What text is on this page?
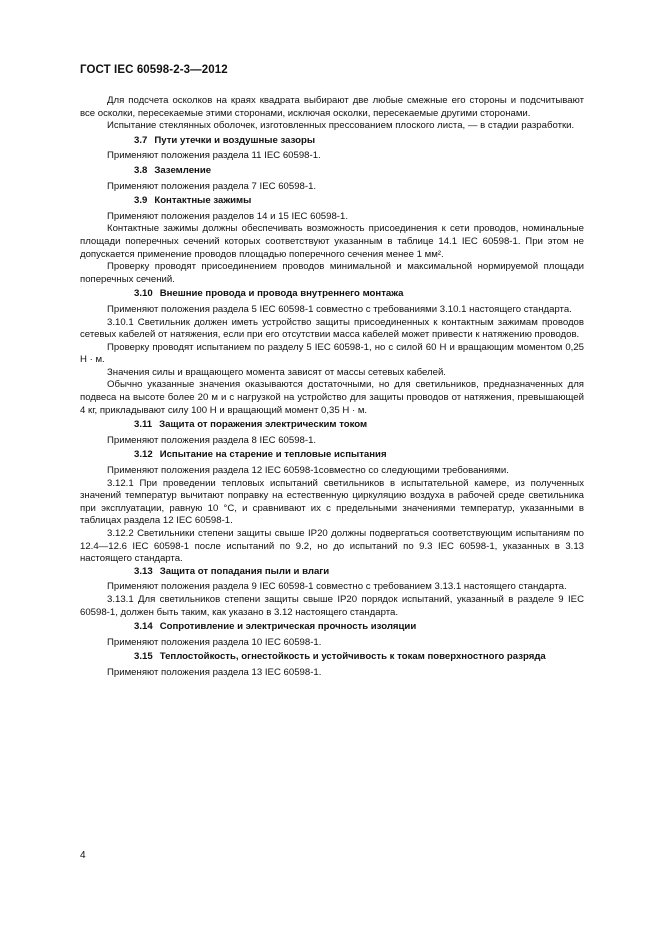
ГОСТ IEC 60598-2-3—2012

Для подсчета осколков на краях квадрата выбирают две любые смежные его стороны и подсчитывают все осколки, пересекаемые этими сторонами, исключая осколки, пересекаемые другими сторонами.

Испытание стеклянных оболочек, изготовленных прессованием плоского листа, — в стадии разработки.

3.7 Пути утечки и воздушные зазоры

Применяют положения раздела 11 IEC 60598-1.

3.8 Заземление

Применяют положения раздела 7 IEC 60598-1.

3.9 Контактные зажимы

Применяют положения разделов 14 и 15 IEC 60598-1.

Контактные зажимы должны обеспечивать возможность присоединения к сети проводов, номинальные площади поперечных сечений которых соответствуют указанным в таблице 14.1 IEC 60598-1. При этом не допускается применение проводов площадью поперечного сечения менее 1 мм².

Проверку проводят присоединением проводов минимальной и максимальной нормируемой площади поперечных сечений.

3.10 Внешние провода и провода внутреннего монтажа

Применяют положения раздела 5 IEC 60598-1 совместно с требованиями 3.10.1 настоящего стандарта.

3.10.1 Светильник должен иметь устройство защиты присоединенных к контактным зажимам проводов сетевых кабелей от натяжения, если при его отсутствии масса кабелей может привести к натяжению проводов.

Проверку проводят испытанием по разделу 5 IEC 60598-1, но с силой 60 Н и вращающим моментом 0,25 Н · м.

Значения силы и вращающего момента зависят от массы сетевых кабелей.

Обычно указанные значения оказываются достаточными, но для светильников, предназначенных для подвеса на высоте более 20 м и с нагрузкой на устройство для защиты проводов от натяжения, превышающей 4 кг, прикладывают силу 100 Н и вращающий момент 0,35 Н · м.

3.11 Защита от поражения электрическим током

Применяют положения раздела 8 IEC 60598-1.

3.12 Испытание на старение и тепловые испытания

Применяют положения раздела 12 IEC 60598-1совместно со следующими требованиями.

3.12.1 При проведении тепловых испытаний светильников в испытательной камере, из полученных значений температур вычитают поправку на естественную циркуляцию воздуха в рабочей среде светильника при эксплуатации, равную 10 °С, и сравнивают их с предельными значениями температур, указанными в таблицах раздела 12 IEC 60598-1.

3.12.2 Светильники степени защиты свыше IP20 должны подвергаться соответствующим испытаниям по 12.4—12.6 IEC 60598-1 после испытаний по 9.2, но до испытаний по 9.3 IEC 60598-1, указанных в 3.13 настоящего стандарта.

3.13 Защита от попадания пыли и влаги

Применяют положения раздела 9 IEC 60598-1 совместно с требованием 3.13.1 настоящего стандарта.

3.13.1 Для светильников степени защиты свыше IP20 порядок испытаний, указанный в разделе 9 IEC 60598-1, должен быть таким, как указано в 3.12 настоящего стандарта.

3.14 Сопротивление и электрическая прочность изоляции

Применяют положения раздела 10 IEC 60598-1.

3.15 Теплостойкость, огнестойкость и устойчивость к токам поверхностного разряда

Применяют положения раздела 13 IEC 60598-1.

4
